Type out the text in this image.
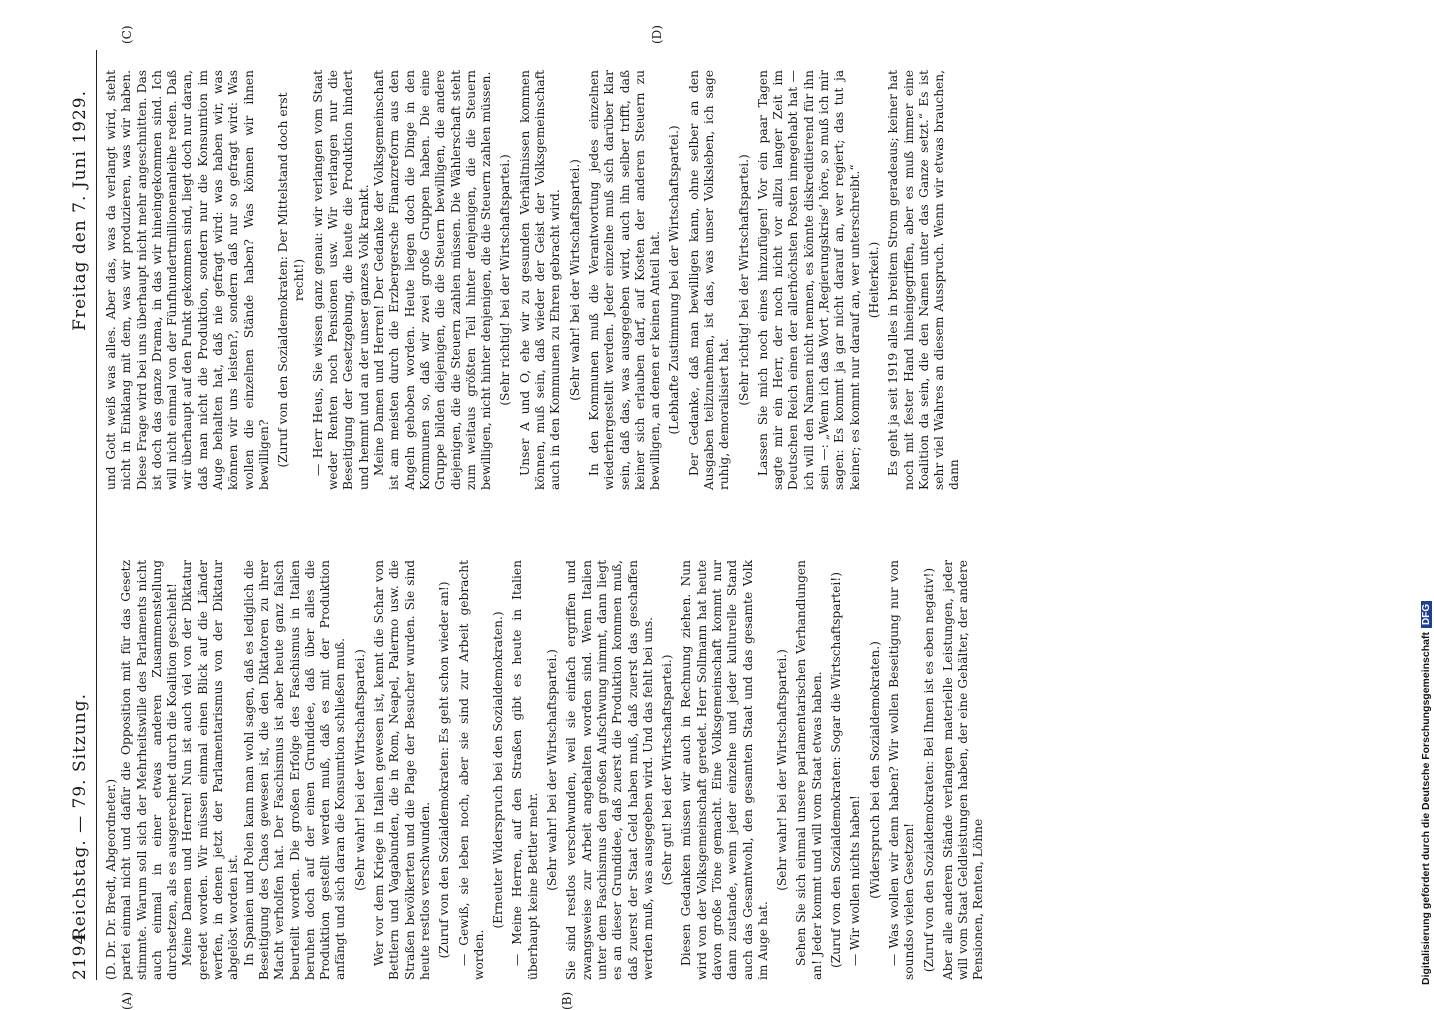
2194
Reichstag. — 79. Sitzung.
Freitag den 7. Juni 1929.
(A)	(B)
(C)	(D)

(D. Dr. Dr. Bredt, Abgeordneter.) partei einmal nicht und dafür die Opposition mit für das Gesetz stimmte. Warum soll sich der Mehrheitswille des Parlaments nicht auch einmal in einer etwas anderen Zusammenstellung durchsetzen, als es ausgerechnet durch die Koalition geschieht! Meine Damen und Herren! Nun ist auch viel von der Diktatur geredet worden. Wir müssen einmal einen Blick auf die Länder werfen, in denen jetzt der Parlamentarismus von der Diktatur abgelöst worden ist. In Spanien und Polen kann man wohl sagen, daß es lediglich die Beseitigung des Chaos gewesen ist, die den Diktatoren zu ihrer Macht verholfen hat. Der Faschismus ist aber heute ganz falsch beurteilt worden. Die großen Erfolge des Faschismus in Italien beruhen doch auf der einen Grundidee, daß über alles die Produktion gestellt werden muß, daß es mit der Produktion anfängt und sich daran die Konsumtion schließen muß. (Sehr wahr! bei der Wirtschaftspartei.) Wer vor dem Kriege in Italien gewesen ist, kennt die Schar von Bettlern und Vagabunden, die in Rom, Neapel, Palermo usw. die Straßen bevölkerten und die Plage der Besucher wurden. Sie sind heute restlos verschwunden. (Zuruf von den Sozialdemokraten: Es geht schon wieder an!) — Gewiß, sie leben noch, aber sie sind zur Arbeit gebracht worden.

(Erneuter Widerspruch bei den Sozialdemokraten.) — Meine Herren, auf den Straßen gibt es heute in Italien überhaupt keine Bettler mehr. (Sehr wahr! bei der Wirtschaftspartei.) Sie sind restlos verschwunden, weil sie einfach ergriffen und zwangsweise zur Arbeit angehalten worden sind. Wenn Italien unter dem Faschismus den großen Aufschwung nimmt, dann liegt es an dieser Grundidee, daß zuerst die Produktion kommen muß, daß zuerst der Staat Geld haben muß, daß zuerst das geschaffen werden muß, was ausgegeben wird. Und das fehlt bei uns. (Sehr gut! bei der Wirtschaftspartei.) Diesen Gedanken müssen wir auch in Rechnung ziehen. Nun wird von der Volksgemeinschaft geredet. Herr Sollmann hat heute davon große Töne gemacht. Eine Volksgemeinschaft kommt nur dann zustande, wenn jeder einzelne und jeder kulturelle Stand auch das Gesamtwohl, den gesamten Staat und das gesamte Volk im Auge hat.

(Sehr wahr! bei der Wirtschaftspartei.) Sehen Sie sich einmal unsere parlamentarischen Verhandlungen an! Jeder kommt und will vom Staat etwas haben. (Zuruf von den Sozialdemokraten: Sogar die Wirtschaftspartei!) — Wir wollen nichts haben! (Widerspruch bei den Sozialdemokraten.) — Was wollen wir denn haben? Wir wollen Beseitigung nur von soundso vielen Gesetzen! (Zuruf von den Sozialdemokraten: Bei Ihnen ist es eben negativ!) Aber alle anderen Stände verlangen materielle Leistungen, jeder will vom Staat Geldleistungen haben, der eine Gehälter, der andere Pensionen, Renten, Löhne

und Gott weiß was alles. Aber das, was da verlangt wird, steht nicht in Einklang mit dem, was wir produzieren, was wir haben. Diese Frage wird bei uns überhaupt nicht mehr angeschnitten. Das ist doch das ganze Drama, in das wir hineingekommen sind. Ich will nicht einmal von der Fünfhundertmillionenanleihe reden. Daß wir überhaupt auf den Punkt gekommen sind, liegt doch nur daran, daß man nicht die Produktion, sondern nur die Konsumtion im Auge behalten hat, daß nie gefragt wird: was haben wir, was können wir uns leisten?, sondern daß nur so gefragt wird: Was wollen die einzelnen Stände haben? Was können wir ihnen bewilligen? (Zuruf von den Sozialdemokraten: Der Mittelstand doch erst recht!) — Herr Heus, Sie wissen ganz genau: wir verlangen vom Staat weder Renten noch Pensionen usw. Wir verlangen nur die Beseitigung der Gesetzgebung, die heute die Produktion hindert und hemmt und an der unser ganzes Volk krankt. Meine Damen und Herren! Der Gedanke der Volksgemeinschaft ist am meisten durch die Erzbergersche Finanzreform aus den Angeln gehoben worden. Heute liegen doch die Dinge in den Kommunen so, daß wir zwei große Gruppen haben. Die eine Gruppe bilden diejenigen, die die Steuern bewilligen, die andere diejenigen, die die Steuern zahlen müssen. Die Wählerschaft steht zum weitaus größten Teil hinter denjenigen, die die Steuern bewilligen, nicht hinter denjenigen, die die Steuern zahlen müssen. (Sehr richtig! bei der Wirtschaftspartei.) Unser A und O, ehe wir zu gesunden Verhältnissen kommen können, muß sein, daß wieder der Geist der Volksgemeinschaft auch in den Kommunen zu Ehren gebracht wird. (Sehr wahr! bei der Wirtschaftspartei.) In den Kommunen muß die Verantwortung jedes einzelnen wiederhergestellt werden. Jeder einzelne muß sich darüber klar sein, daß das, was ausgegeben wird, auch ihn selber trifft, daß keiner sich erlauben darf, auf Kosten der anderen Steuern zu bewilligen, an denen er keinen Anteil hat. (Lebhafte Zustimmung bei der Wirtschaftspartei.) Der Gedanke, daß man bewilligen kann, ohne selber an den Ausgaben teilzunehmen, ist das, was unser Volksleben, ich sage ruhig, demoralisiert hat.

(Sehr richtig! bei der Wirtschaftspartei.) Lassen Sie mich noch eines hinzufügen! Vor ein paar Tagen sagte mir ein Herr, der noch nicht vor allzu langer Zeit im Deutschen Reich einen der allerhöchsten Posten innegehabt hat — ich will den Namen nicht nennen, es könnte diskreditierend für ihn sein —: „Wenn ich das Wort ‚Regierungskrise‘ höre, so muß ich mir sagen: Es kommt ja gar nicht darauf an, wer regiert; das tut ja keiner; es kommt nur darauf an, wer unterschreibt.“ (Heiterkeit.) Es geht ja seit 1919 alles in breitem Strom geradeaus; keiner hat noch mit fester Hand hineingegriffen, aber es muß immer eine Koalition da sein, die den Namen unter das Ganze setzt.“ Es ist sehr viel Wahres an diesem Ausspruch. Wenn wir etwas brauchen, dann

Digitalisierung gefördert durch die Deutsche ForschungsgemeinschaftDFG
